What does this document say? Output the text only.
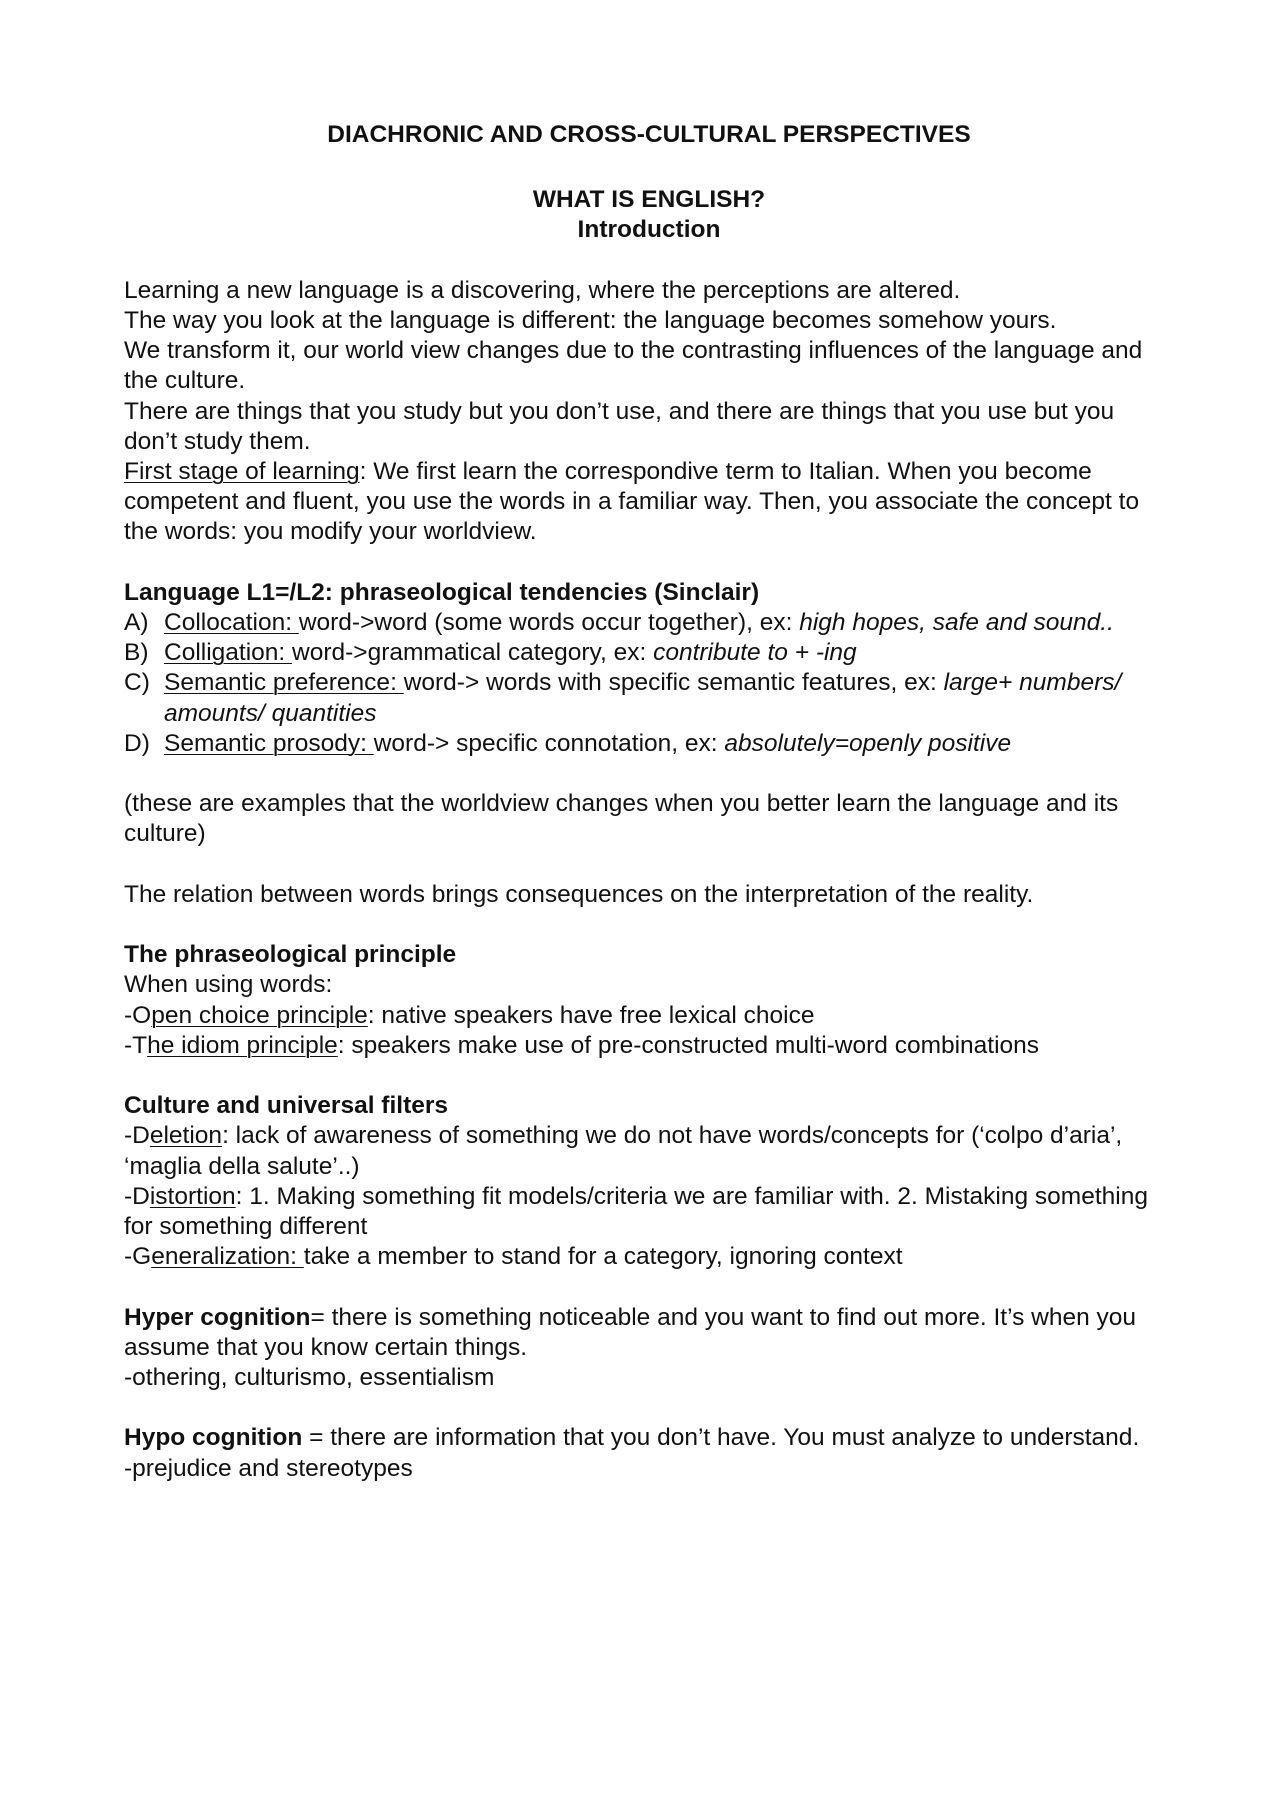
DIACHRONIC AND CROSS-CULTURAL PERSPECTIVES

WHAT IS ENGLISH?

Introduction

Learning a new language is a discovering, where the perceptions are altered.

The way you look at the language is different: the language becomes somehow yours.

We transform it, our world view changes due to the contrasting influences of the language and the culture.

There are things that you study but you don’t use, and there are things that you use but you don’t study them.

First stage of learning: We first learn the correspondive term to Italian. When you become competent and fluent, you use the words in a familiar way. Then, you associate the concept to the words: you modify your worldview.

Language L1=/L2: phraseological tendencies (Sinclair)

A) Collocation: word->word (some words occur together), ex: high hopes, safe and sound..
B) Colligation: word->grammatical category, ex: contribute to + -ing
C) Semantic preference: word-> words with specific semantic features, ex: large+ numbers/ amounts/ quantities
D) Semantic prosody: word-> specific connotation, ex: absolutely=openly positive

(these are examples that the worldview changes when you better learn the language and its culture)

The relation between words brings consequences on the interpretation of the reality.

The phraseological principle

When using words:

-Open choice principle: native speakers have free lexical choice

-The idiom principle: speakers make use of pre-constructed multi-word combinations

Culture and universal filters

-Deletion: lack of awareness of something we do not have words/concepts for (‘colpo d’aria’, ‘maglia della salute’..)

-Distortion: 1. Making something fit models/criteria we are familiar with. 2. Mistaking something for something different

-Generalization: take a member to stand for a category, ignoring context

Hyper cognition= there is something noticeable and you want to find out more. It’s when you assume that you know certain things.

-othering, culturismo, essentialism

Hypo cognition = there are information that you don’t have. You must analyze to understand.

-prejudice and stereotypes
